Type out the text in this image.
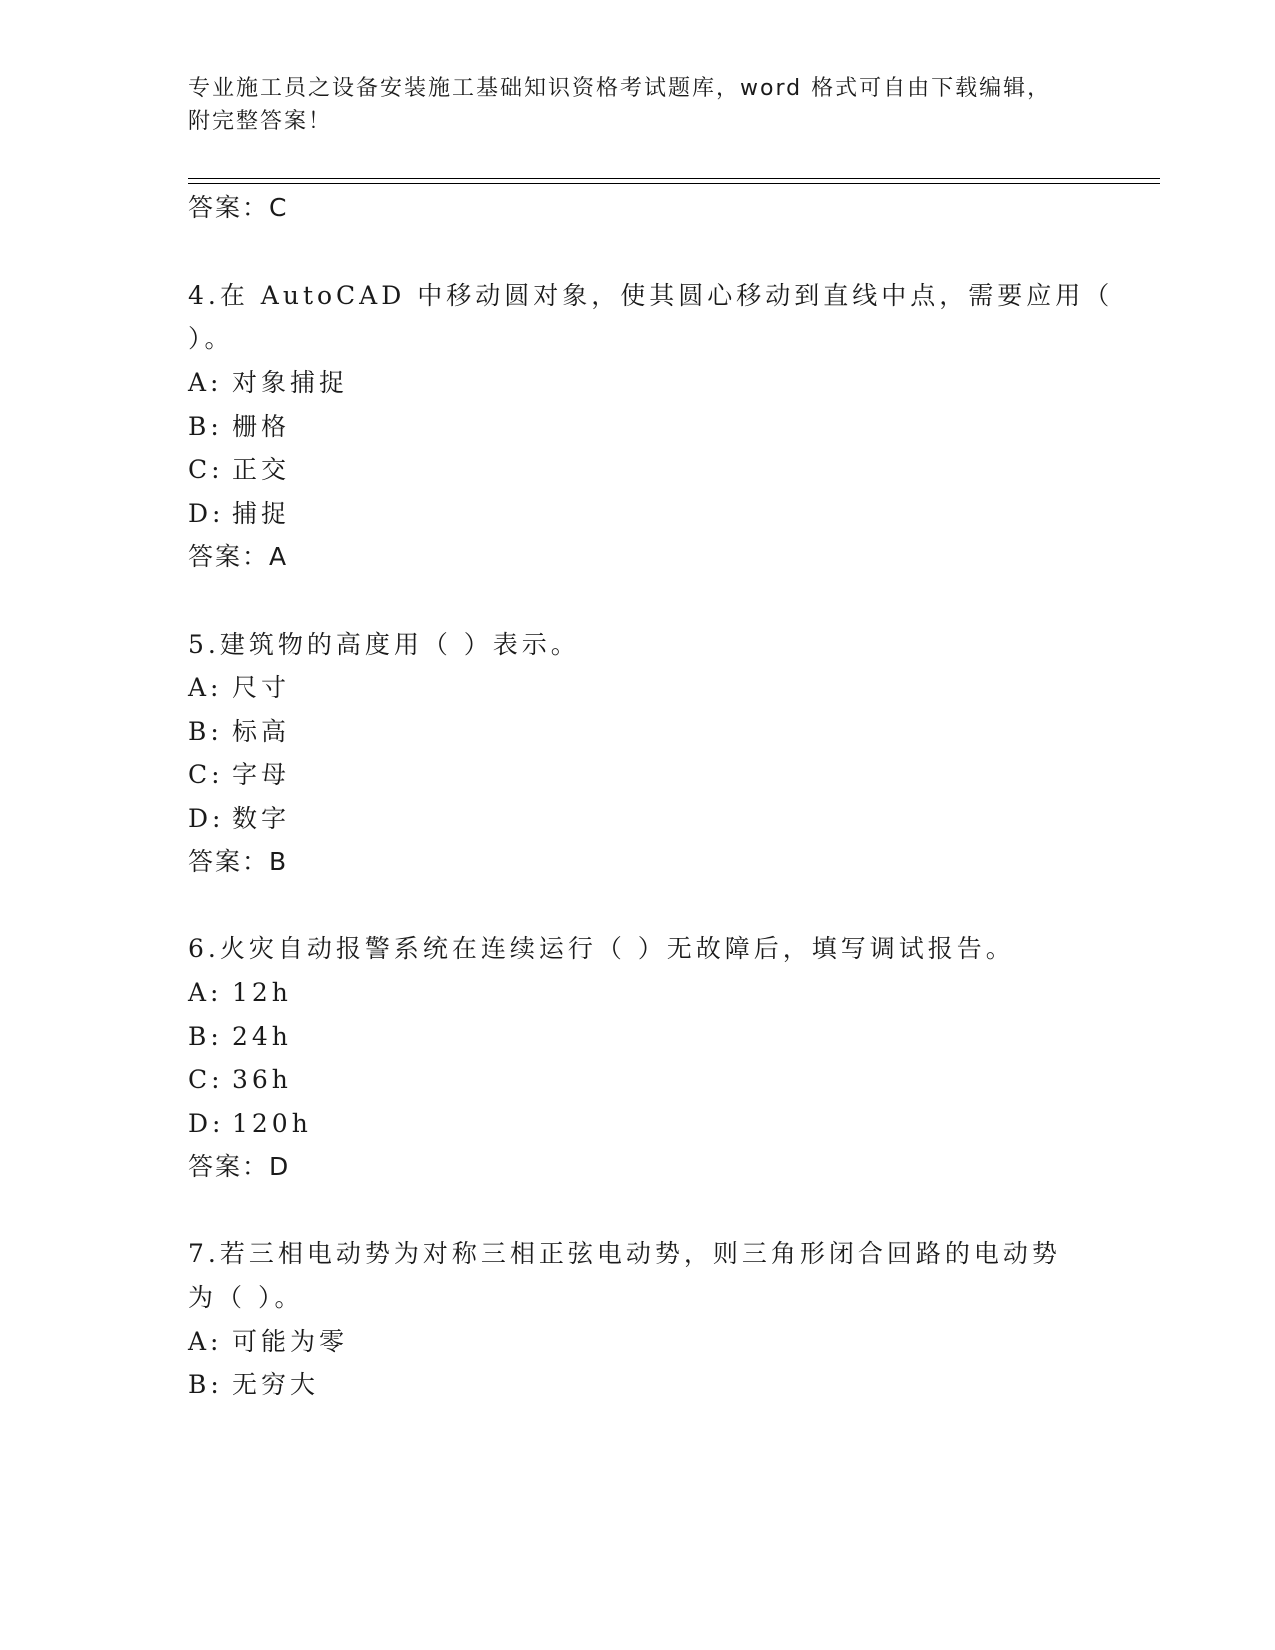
专业施工员之设备安装施工基础知识资格考试题库，word 格式可自由下载编辑，
附完整答案！
答案：C
4.在 AutoCAD 中移动圆对象，使其圆心移动到直线中点，需要应用（
）。
A: 对象捕捉
B: 栅格
C: 正交
D: 捕捉
答案：A
5.建筑物的高度用（ ）表示。
A: 尺寸
B: 标高
C: 字母
D: 数字
答案：B
6.火灾自动报警系统在连续运行（ ）无故障后，填写调试报告。
A: 12h
B: 24h
C: 36h
D: 120h
答案：D
7.若三相电动势为对称三相正弦电动势，则三角形闭合回路的电动势
为（ ）。
A: 可能为零
B: 无穷大
